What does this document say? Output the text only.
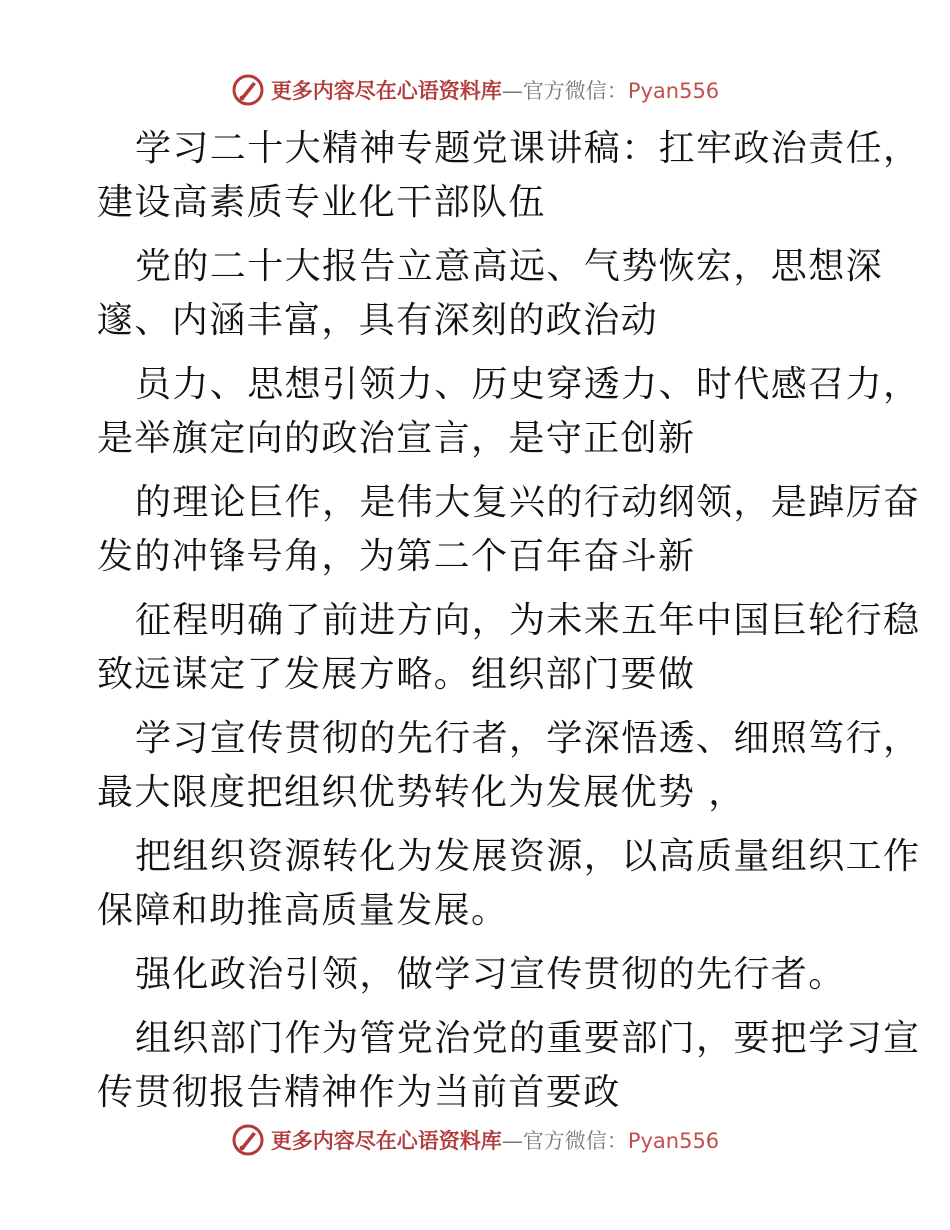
更多内容尽在心语资料库—官方微信：Pyan556
学习二十大精神专题党课讲稿：扛牢政治责任，
建设高素质专业化干部队伍
党的二十大报告立意高远、气势恢宏，思想深
邃、内涵丰富，具有深刻的政治动
员力、思想引领力、历史穿透力、时代感召力，
是举旗定向的政治宣言，是守正创新
的理论巨作，是伟大复兴的行动纲领，是踔厉奋
发的冲锋号角，为第二个百年奋斗新
征程明确了前进方向，为未来五年中国巨轮行稳
致远谋定了发展方略。组织部门要做
学习宣传贯彻的先行者，学深悟透、细照笃行，
最大限度把组织优势转化为发展优势 ，
把组织资源转化为发展资源，以高质量组织工作
保障和助推高质量发展。
强化政治引领，做学习宣传贯彻的先行者。
组织部门作为管党治党的重要部门，要把学习宣
传贯彻报告精神作为当前首要政
更多内容尽在心语资料库—官方微信：Pyan556
